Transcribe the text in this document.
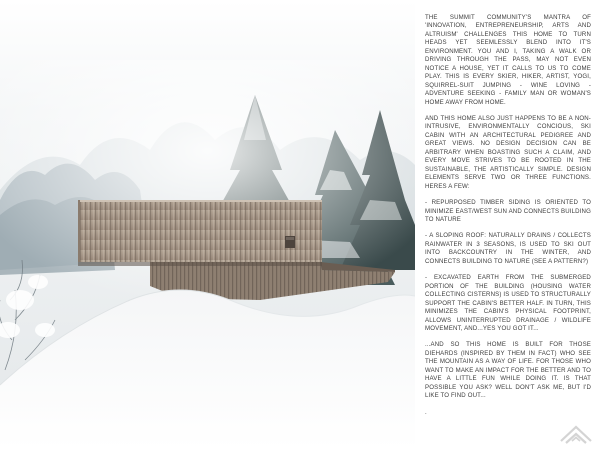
THE SUMMIT COMMUNITY'S MANTRA OF 'INNOVATION, ENTREPRENEURSHIP, ARTS AND ALTRUISM' CHALLENGES THIS HOME TO TURN HEADS YET SEEMLESSLY BLEND INTO IT'S ENVIRONMENT. YOU AND I, TAKING A WALK OR DRIVING THROUGH THE PASS, MAY NOT EVEN NOTICE A HOUSE, YET IT CALLS TO US TO COME PLAY. THIS IS EVERY SKIER, HIKER, ARTIST, YOGI, SQUIRREL-SUIT JUMPING - WINE LOVING - ADVENTURE SEEKING - FAMILY MAN OR WOMAN'S HOME AWAY FROM HOME.

AND THIS HOME ALSO JUST HAPPENS TO BE A NON-INTRUSIVE, ENVIRONMENTALLY CONCIOUS, SKI CABIN WITH AN ARCHITECTURAL PEDIGREE AND GREAT VIEWS. NO DESIGN DECISION CAN BE ARBITRARY WHEN BOASTING SUCH A CLAIM, AND EVERY MOVE STRIVES TO BE ROOTED IN THE SUSTAINABLE, THE ARTISTICALLY SIMPLE. DESIGN ELEMENTS SERVE TWO OR THREE FUNCTIONS. HERES A FEW:

- REPURPOSED TIMBER SIDING IS ORIENTED TO MINIMIZE EAST/WEST SUN AND CONNECTS BUILDING TO NATURE

- A SLOPING ROOF: NATURALLY DRAINS / COLLECTS RAINWATER IN 3 SEASONS, IS USED TO SKI OUT INTO BACKCOUNTRY IN THE WINTER, AND CONNECTS BUILDING TO NATURE (SEE A PATTERN?)

- EXCAVATED EARTH FROM THE SUBMERGED PORTION OF THE BUILDING (HOUSING WATER COLLECTING CISTERNS) IS USED TO STRUCTURALLY SUPPORT THE CABIN'S BETTER HALF. IN TURN, THIS MINIMIZES THE CABIN'S PHYSICAL FOOTPRINT, ALLOWS UNINTERRUPTED DRAINAGE / WILDLIFE MOVEMENT, AND...YES YOU GOT IT...

...AND SO THIS HOME IS BUILT FOR THOSE DIEHARDS (INSPIRED BY THEM IN FACT) WHO SEE THE MOUNTAIN AS A WAY OF LIFE. FOR THOSE WHO WANT TO MAKE AN IMPACT FOR THE BETTER AND TO HAVE A LITTLE FUN WHILE DOING IT. IS THAT POSSIBLE YOU ASK? WELL DON'T ASK ME, BUT I'D LIKE TO FIND OUT...

.
